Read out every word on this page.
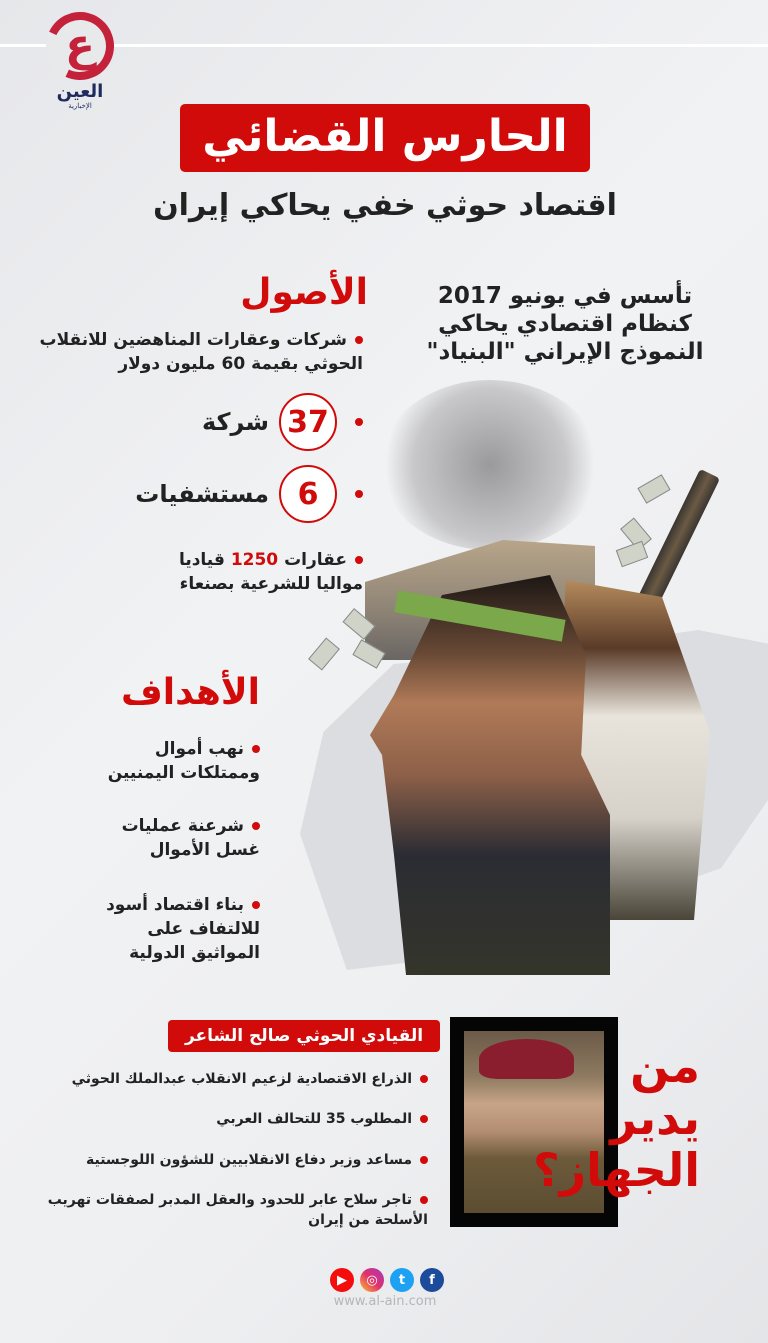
ع
العين
الإخبارية
الحارس القضائي
اقتصاد حوثي خفي يحاكي إيران
تأسس في يونيو 2017
كنظام اقتصادي يحاكي
النموذج الإيراني "البنياد"
الأصول
شركات وعقارات المناهضين للانقلاب الحوثي بقيمة 60 مليون دولار
37
شركة
6
مستشفيات
عقارات 1250 قياديا مواليا للشرعية بصنعاء
الأهداف
نهب أموال وممتلكات اليمنيين
شرعنة عمليات غسل الأموال
بناء اقتصاد أسود للالتفاف على المواثيق الدولية
القيادي الحوثي صالح الشاعر
الذراع الاقتصادية لزعيم الانقلاب عبدالملك الحوثي
المطلوب 35 للتحالف العربي
مساعد وزير دفاع الانقلابيين للشؤون اللوجستية
تاجر سلاح عابر للحدود والعقل المدبر لصفقات تهريب الأسلحة من إيران
من يدير الجهاز؟
▶	◎	t	f
www.al-ain.com
